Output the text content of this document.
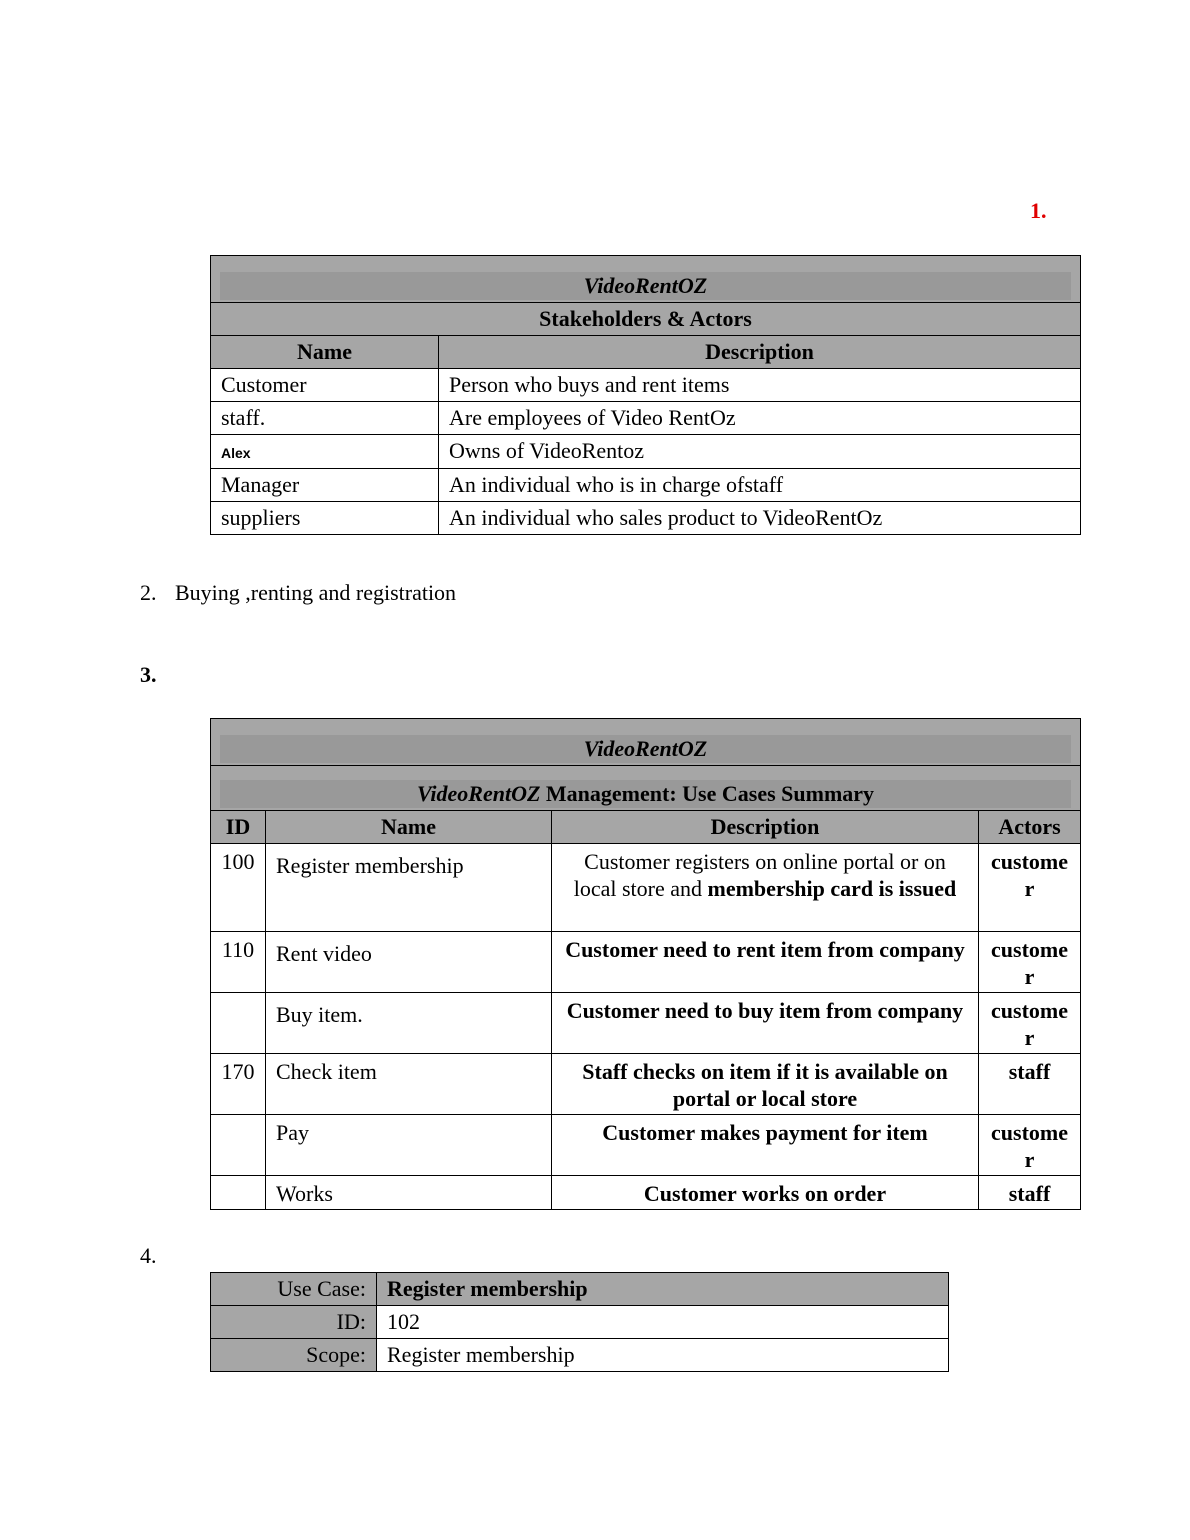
1.
VideoRentOZ	

Stakeholders & Actors	
Name	Description
Customer	Person who buys and rent items
staff.	Are employees of Video RentOz
Alex	Owns of VideoRentoz
Manager	An individual who is in charge ofstaff
suppliers	An individual who sales product to VideoRentOz
2. Buying ,renting and registration
3.
VideoRentOZ			

VideoRentOZ Management: Use Cases Summary			

ID	Name	Description	Actors
100	Register membership	Customer registers on online portal or on local store and membership card is issued	customer
110	Rent video	Customer need to rent item from company	customer
	Buy item.	Customer need to buy item from company	customer
170	Check item	Staff checks on item if it is available on portal or local store	staff
	Pay	Customer makes payment for item	customer
	Works	Customer works on order	staff
4.
Use Case:	Register membership
ID:	102
Scope:	Register membership
